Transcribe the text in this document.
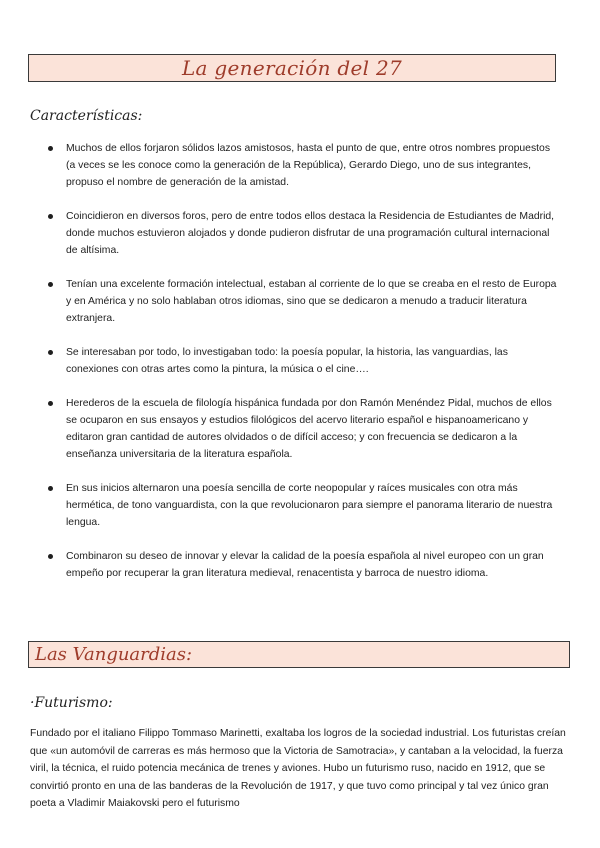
La generación del 27
Características:
Muchos de ellos forjaron sólidos lazos amistosos, hasta el punto de que, entre otros nombres propuestos (a veces se les conoce como la generación de la República), Gerardo Diego, uno de sus integrantes, propuso el nombre de generación de la amistad.
Coincidieron en diversos foros, pero de entre todos ellos destaca la Residencia de Estudiantes de Madrid, donde muchos estuvieron alojados y donde pudieron disfrutar de una programación cultural internacional de altísima.
Tenían una excelente formación intelectual, estaban al corriente de lo que se creaba en el resto de Europa y en América y no solo hablaban otros idiomas, sino que se dedicaron a menudo a traducir literatura extranjera.
Se interesaban por todo, lo investigaban todo: la poesía popular, la historia, las vanguardias, las conexiones con otras artes como la pintura, la música o el cine….
Herederos de la escuela de filología hispánica fundada por don Ramón Menéndez Pidal, muchos de ellos se ocuparon en sus ensayos y estudios filológicos del acervo literario español e hispanoamericano y editaron gran cantidad de autores olvidados o de difícil acceso; y con frecuencia se dedicaron a la enseñanza universitaria de la literatura española.
En sus inicios alternaron una poesía sencilla de corte neopopular y raíces musicales con otra más hermética, de tono vanguardista, con la que revolucionaron para siempre el panorama literario de nuestra lengua.
Combinaron su deseo de innovar y elevar la calidad de la poesía española al nivel europeo con un gran empeño por recuperar la gran literatura medieval, renacentista y barroca de nuestro idioma.
Las Vanguardias:
·Futurismo:

Fundado por el italiano Filippo Tommaso Marinetti, exaltaba los logros de la sociedad industrial. Los futuristas creían que «un automóvil de carreras es más hermoso que la Victoria de Samotracia», y cantaban a la velocidad, la fuerza viril, la técnica, el ruido potencia mecánica de trenes y aviones. Hubo un futurismo ruso, nacido en 1912, que se convirtió pronto en una de las banderas de la Revolución de 1917, y que tuvo como principal y tal vez único gran poeta a Vladimir Maiakovski pero el futurismo
